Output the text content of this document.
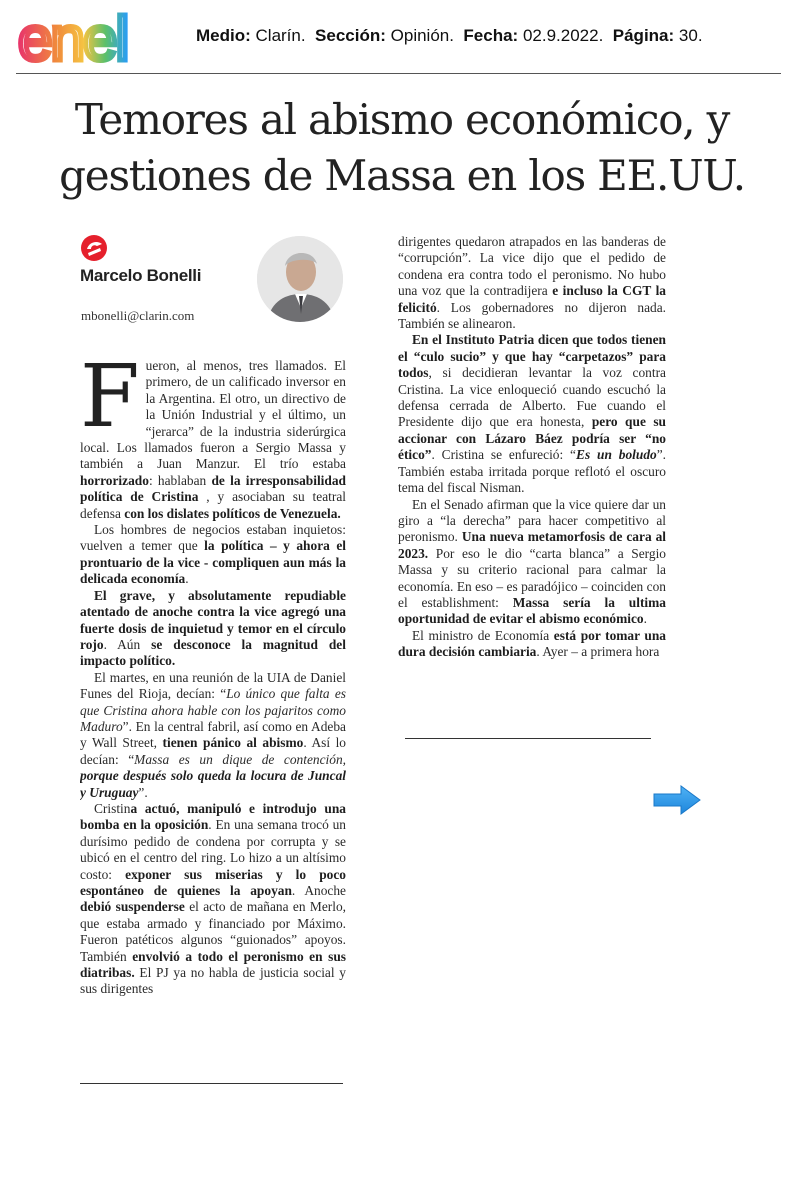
enel	Medio: Clarín. Sección: Opinión. Fecha: 02.9.2022. Página: 30.
Temores al abismo económico, y
gestiones de Massa en los EE.UU.
Marcelo Bonelli
mbonelli@clarin.com

Fueron, al menos, tres llamados. El primero, de un calificado inversor en la Argentina. El otro, un directivo de la Unión Industrial y el último, un “jerarca” de la industria siderúrgica local. Los llamados fueron a Sergio Massa y también a Juan Manzur. El trío estaba horrorizado: hablaban de la irresponsabilidad política de Cristina , y asociaban su teatral defensa con los dislates políticos de Venezuela.

Los hombres de negocios estaban inquietos: vuelven a temer que la política – y ahora el prontuario de la vice - compliquen aun más la delicada economía.

El grave, y absolutamente repudiable atentado de anoche contra la vice agregó una fuerte dosis de inquietud y temor en el círculo rojo. Aún se desconoce la magnitud del impacto político.

El martes, en una reunión de la UIA de Daniel Funes del Rioja, decían: “Lo único que falta es que Cristina ahora hable con los pajaritos como Maduro”. En la central fabril, así como en Adeba y Wall Street, tienen pánico al abismo. Así lo decían: “Massa es un dique de contención, porque después solo queda la locura de Juncal y Uruguay”.

Cristina actuó, manipuló e introdujo una bomba en la oposición. En una semana trocó un durísimo pedido de condena por corrupta y se ubicó en el centro del ring. Lo hizo a un altísimo costo: exponer sus miserias y lo poco espontáneo de quienes la apoyan. Anoche debió suspenderse el acto de mañana en Merlo, que estaba armado y financiado por Máximo. Fueron patéticos algunos “guionados” apoyos. También envolvió a todo el peronismo en sus diatribas. El PJ ya no habla de justicia social y sus dirigentes

dirigentes quedaron atrapados en las banderas de “corrupción”. La vice dijo que el pedido de condena era contra todo el peronismo. No hubo una voz que la contradijera e incluso la CGT la felicitó. Los gobernadores no dijeron nada. También se alinearon.

En el Instituto Patria dicen que todos tienen el “culo sucio” y que hay “carpetazos” para todos, si decidieran levantar la voz contra Cristina. La vice enloqueció cuando escuchó la defensa cerrada de Alberto. Fue cuando el Presidente dijo que era honesta, pero que su accionar con Lázaro Báez podría ser “no ético”. Cristina se enfureció: “Es un boludo”. También estaba irritada porque reflotó el oscuro tema del fiscal Nisman.

En el Senado afirman que la vice quiere dar un giro a “la derecha” para hacer competitivo al peronismo. Una nueva metamorfosis de cara al 2023. Por eso le dio “carta blanca” a Sergio Massa y su criterio racional para calmar la economía. En eso – es paradójico – coinciden con el establishment: Massa sería la ultima oportunidad de evitar el abismo económico.

El ministro de Economía está por tomar una dura decisión cambiaria. Ayer – a primera hora
